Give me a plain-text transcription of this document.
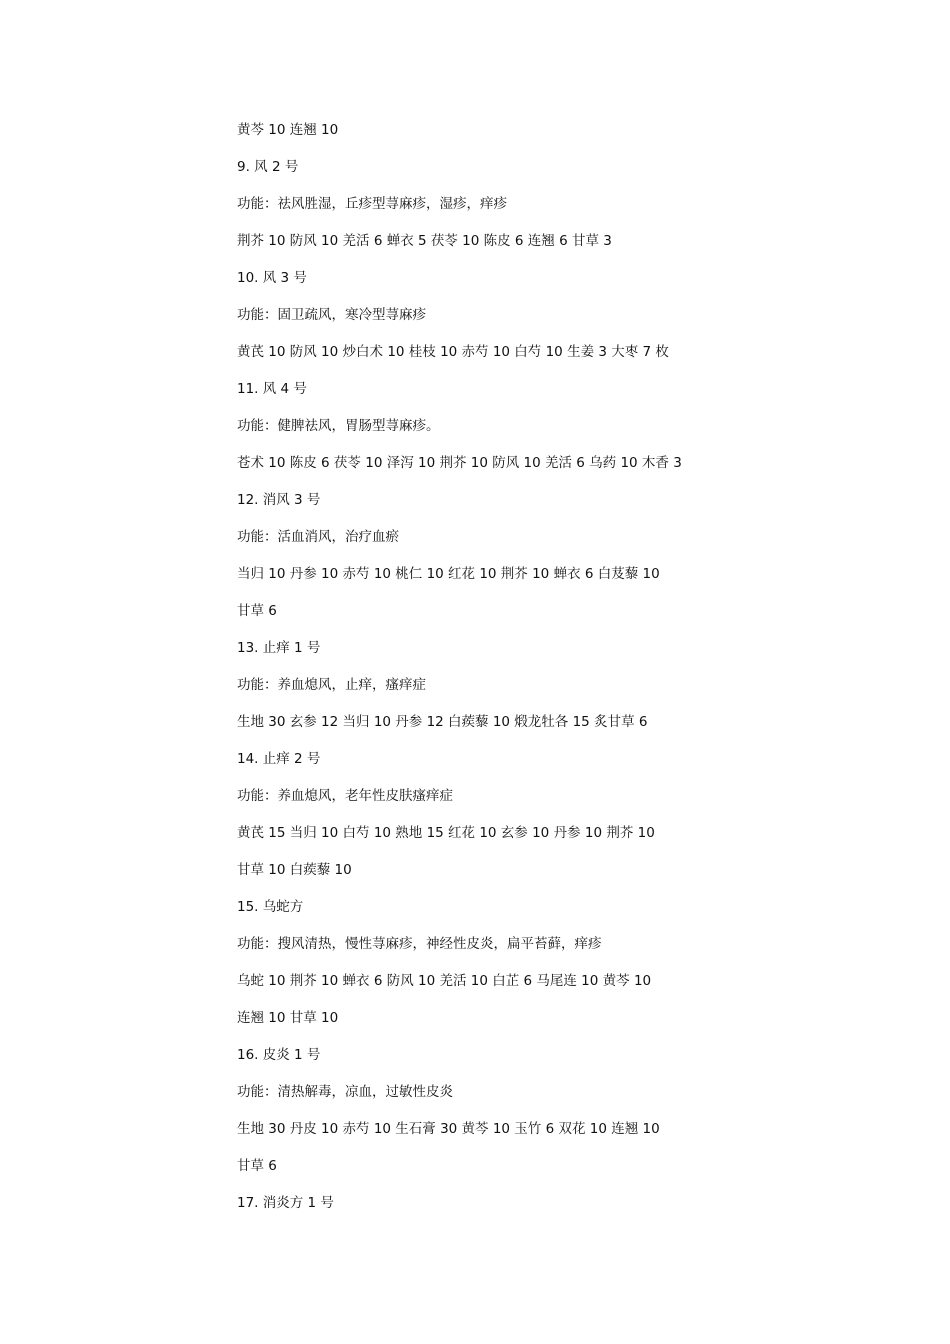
黄芩 10 连翘 10
9. 风 2 号
功能：祛风胜湿，丘疹型荨麻疹，湿疹，痒疹
荆芥 10 防风 10 羌活 6 蝉衣 5 茯苓 10 陈皮 6 连翘 6 甘草 3
10. 风 3 号
功能：固卫疏风，寒冷型荨麻疹
黄芪 10 防风 10 炒白术 10 桂枝 10 赤芍 10 白芍 10 生姜 3 大枣 7 枚
11. 风 4 号
功能：健脾祛风，胃肠型荨麻疹。
苍术 10 陈皮 6 茯苓 10 泽泻 10 荆芥 10 防风 10 羌活 6 乌药 10 木香 3
12. 消风 3 号
功能：活血消风，治疗血瘀
当归 10 丹参 10 赤芍 10 桃仁 10 红花 10 荆芥 10 蝉衣 6 白芨藜 10
甘草 6
13. 止痒 1 号
功能：养血熄风，止痒，瘙痒症
生地 30 玄参 12 当归 10 丹参 12 白蒺藜 10 煅龙牡各 15 炙甘草 6
14. 止痒 2 号
功能：养血熄风，老年性皮肤瘙痒症
黄芪 15 当归 10 白芍 10 熟地 15 红花 10 玄参 10 丹参 10 荆芥 10
甘草 10 白蒺藜 10
15. 乌蛇方
功能：搜风清热，慢性荨麻疹，神经性皮炎，扁平苔藓，痒疹
乌蛇 10 荆芥 10 蝉衣 6 防风 10 羌活 10 白芷 6 马尾连 10 黄芩 10
连翘 10 甘草 10
16. 皮炎 1 号
功能：清热解毒，凉血，过敏性皮炎
生地 30 丹皮 10 赤芍 10 生石膏 30 黄芩 10 玉竹 6 双花 10 连翘 10
甘草 6
17. 消炎方 1 号
